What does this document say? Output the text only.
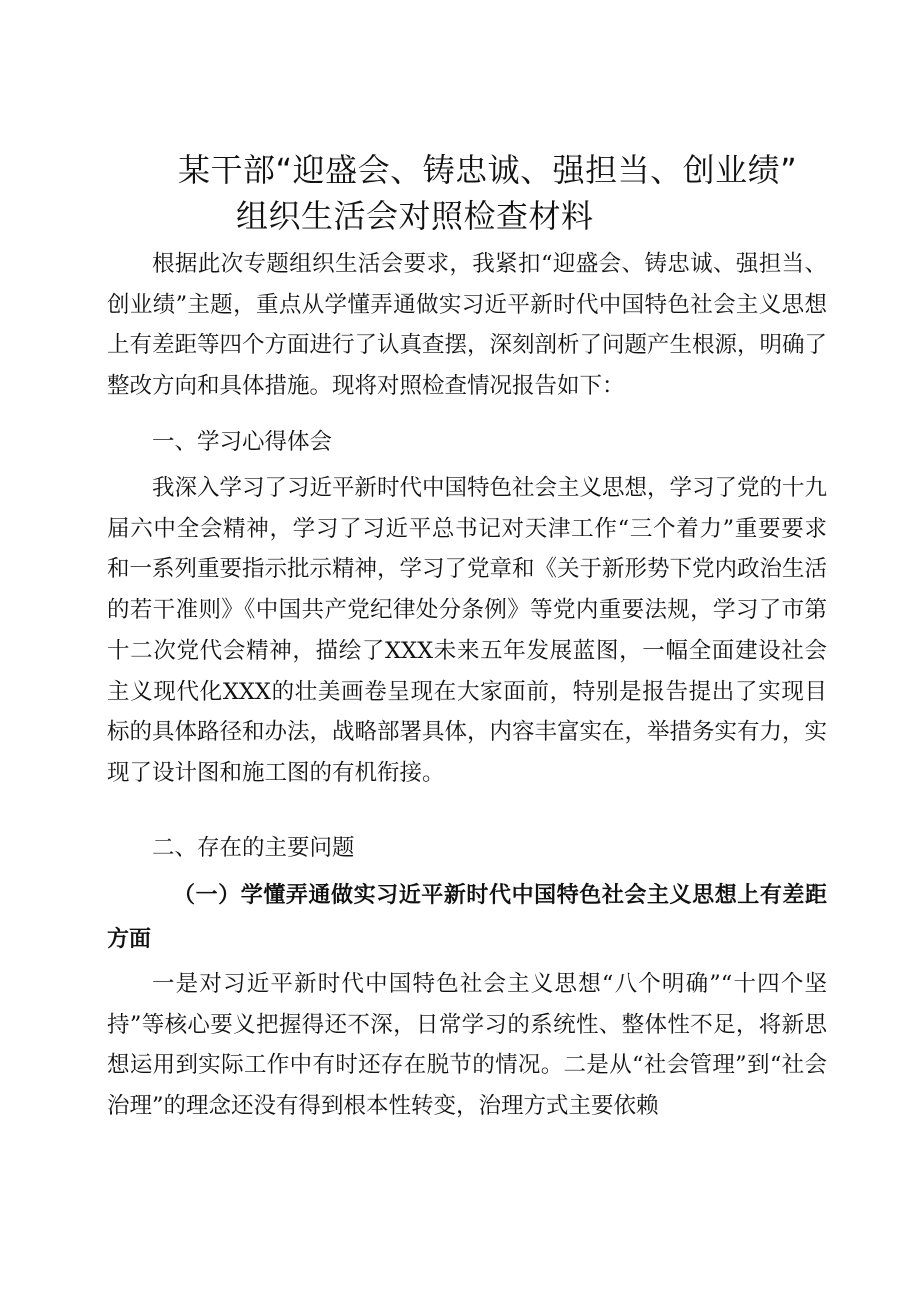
某干部“迎盛会、铸忠诚、强担当、创业绩”
组织生活会对照检查材料

根据此次专题组织生活会要求，我紧扣“迎盛会、铸忠诚、强担当、创业绩”主题，重点从学懂弄通做实习近平新时代中国特色社会主义思想上有差距等四个方面进行了认真查摆，深刻剖析了问题产生根源，明确了整改方向和具体措施。现将对照检查情况报告如下：

一、学习心得体会

我深入学习了习近平新时代中国特色社会主义思想，学习了党的十九届六中全会精神，学习了习近平总书记对天津工作“三个着力”重要要求和一系列重要指示批示精神，学习了党章和《关于新形势下党内政治生活的若干准则》《中国共产党纪律处分条例》等党内重要法规，学习了市第十二次党代会精神，描绘了XXX未来五年发展蓝图，一幅全面建设社会主义现代化XXX的壮美画卷呈现在大家面前，特别是报告提出了实现目标的具体路径和办法，战略部署具体，内容丰富实在，举措务实有力，实现了设计图和施工图的有机衔接。

二、存在的主要问题

（一）学懂弄通做实习近平新时代中国特色社会主义思想上有差距方面

一是对习近平新时代中国特色社会主义思想“八个明确”“十四个坚持”等核心要义把握得还不深，日常学习的系统性、整体性不足，将新思想运用到实际工作中有时还存在脱节的情况。二是从“社会管理”到“社会治理”的理念还没有得到根本性转变，治理方式主要依赖
